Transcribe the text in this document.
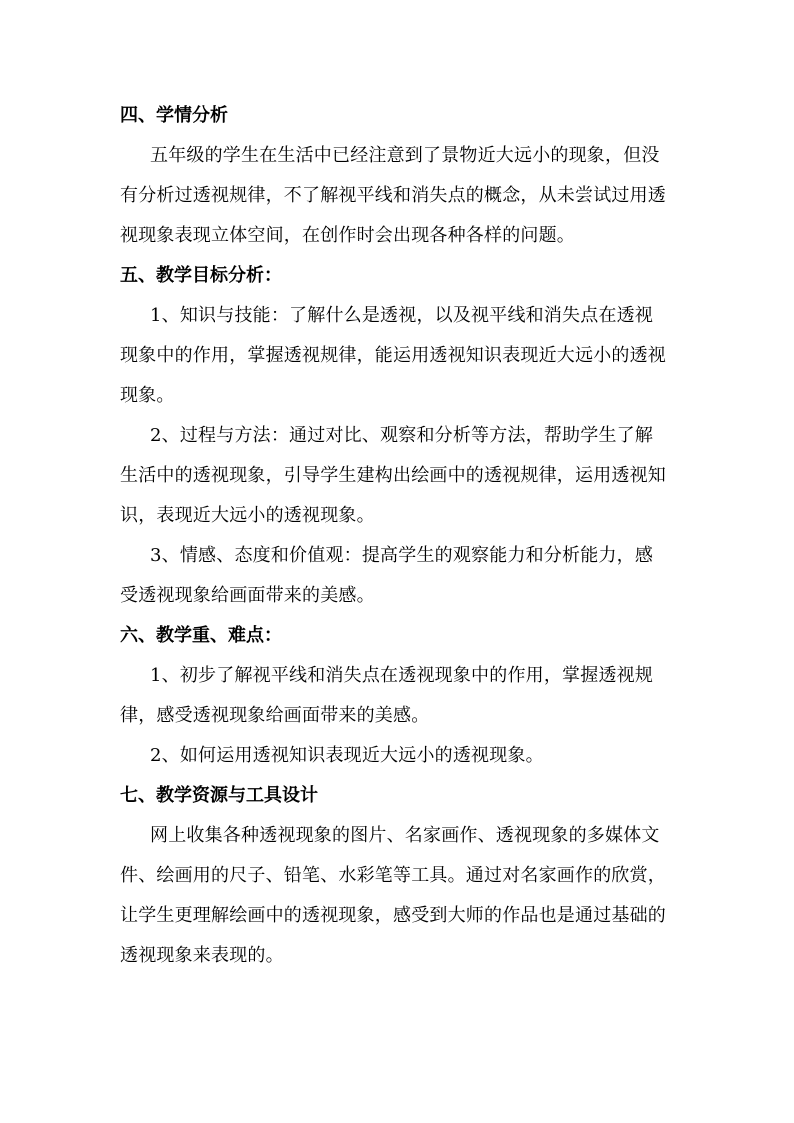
四、学情分析
五年级的学生在生活中已经注意到了景物近大远小的现象，但没
有分析过透视规律，不了解视平线和消失点的概念，从未尝试过用透
视现象表现立体空间，在创作时会出现各种各样的问题。
五、教学目标分析：
1、知识与技能：了解什么是透视，以及视平线和消失点在透视
现象中的作用，掌握透视规律，能运用透视知识表现近大远小的透视
现象。
2、过程与方法：通过对比、观察和分析等方法，帮助学生了解
生活中的透视现象，引导学生建构出绘画中的透视规律，运用透视知
识，表现近大远小的透视现象。
3、情感、态度和价值观：提高学生的观察能力和分析能力，感
受透视现象给画面带来的美感。
六、教学重、难点：
1、初步了解视平线和消失点在透视现象中的作用，掌握透视规
律，感受透视现象给画面带来的美感。
2、如何运用透视知识表现近大远小的透视现象。
七、教学资源与工具设计
网上收集各种透视现象的图片、名家画作、透视现象的多媒体文
件、绘画用的尺子、铅笔、水彩笔等工具。通过对名家画作的欣赏，
让学生更理解绘画中的透视现象，感受到大师的作品也是通过基础的
透视现象来表现的。
